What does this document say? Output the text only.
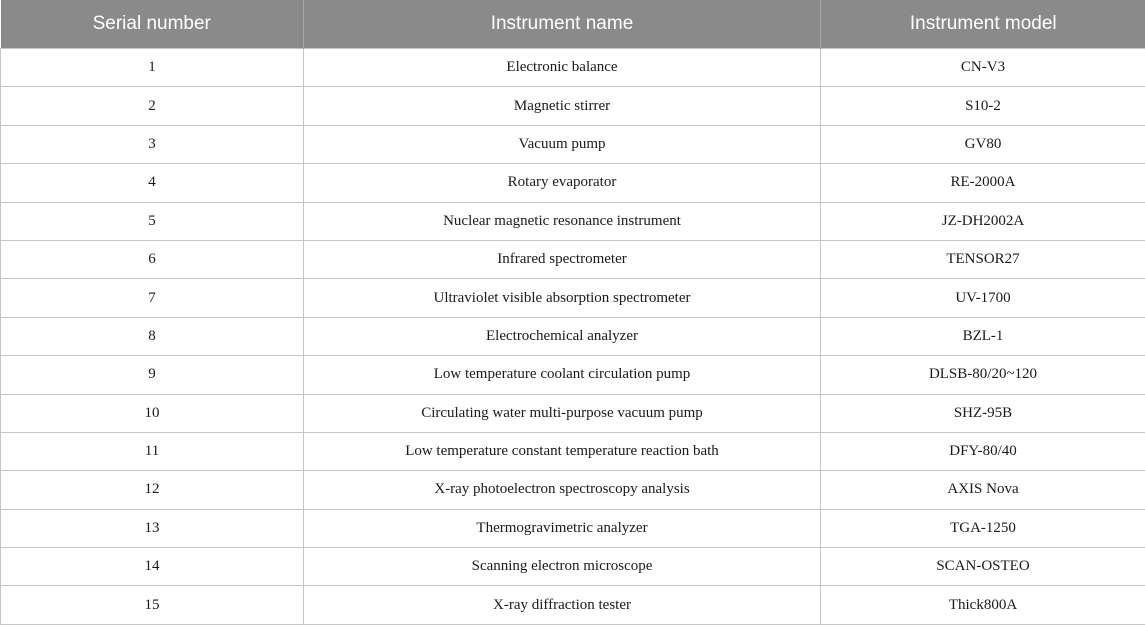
Serial number	Instrument name	Instrument model
1	Electronic balance	CN-V3
2	Magnetic stirrer	S10-2
3	Vacuum pump	GV80
4	Rotary evaporator	RE-2000A
5	Nuclear magnetic resonance instrument	JZ-DH2002A
6	Infrared spectrometer	TENSOR27
7	Ultraviolet visible absorption spectrometer	UV-1700
8	Electrochemical analyzer	BZL-1
9	Low temperature coolant circulation pump	DLSB-80/20~120
10	Circulating water multi-purpose vacuum pump	SHZ-95B
11	Low temperature constant temperature reaction bath	DFY-80/40
12	X-ray photoelectron spectroscopy analysis	AXIS Nova
13	Thermogravimetric analyzer	TGA-1250
14	Scanning electron microscope	SCAN-OSTEO
15	X-ray diffraction tester	Thick800A
